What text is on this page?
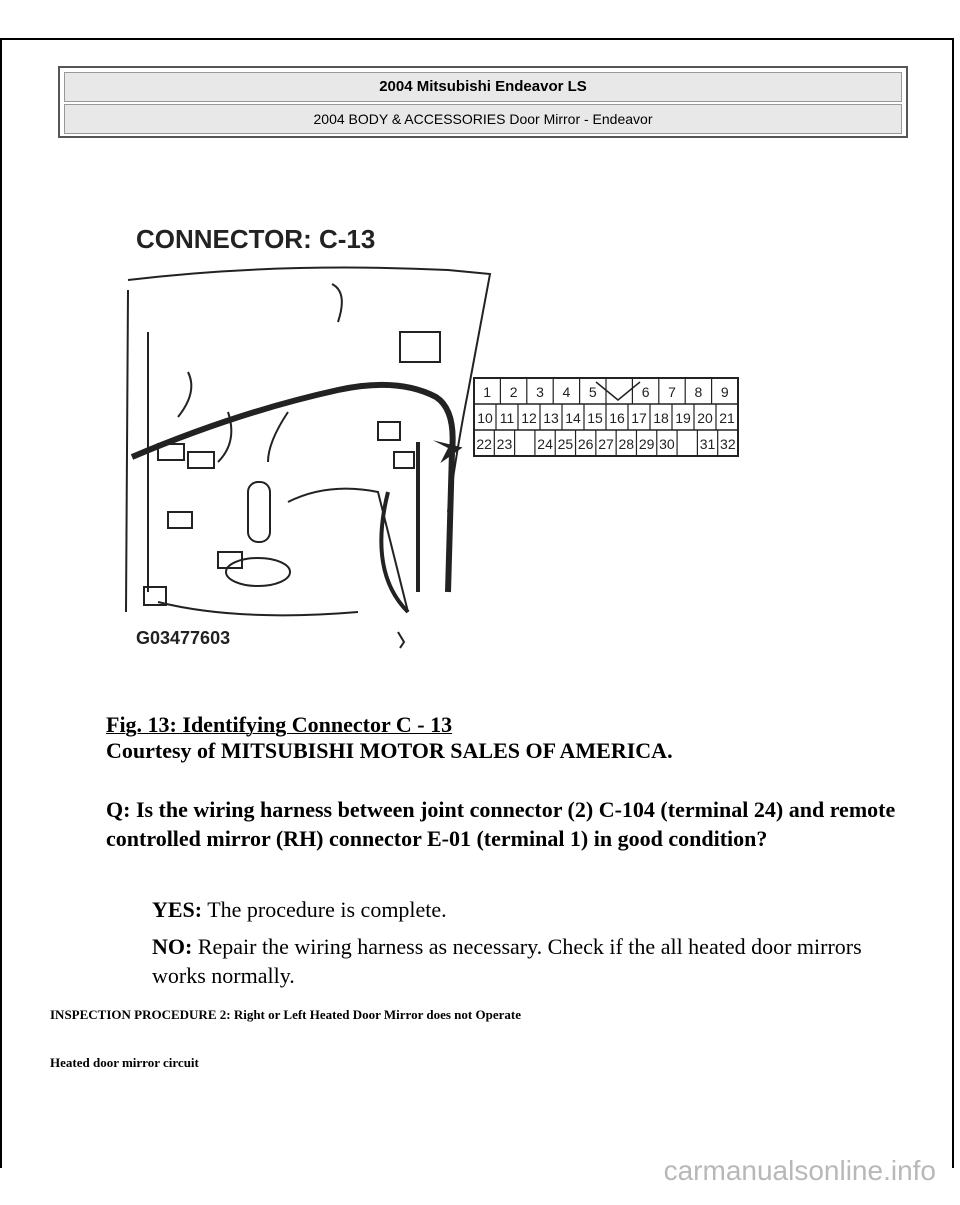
2004 Mitsubishi Endeavor LS
2004 BODY & ACCESSORIES Door Mirror - Endeavor
CONNECTOR: C-13
1 2 3 4 5	6 7 8 9
10 11 12 13 14 15 16 17 18 19 20 21
22 23 24 25 26 27 28 29 30 31 32
G03477603

Fig. 13: Identifying Connector C - 13

Courtesy of MITSUBISHI MOTOR SALES OF AMERICA.

Q: Is the wiring harness between joint connector (2) C-104 (terminal 24) and remote controlled mirror (RH) connector E-01 (terminal 1) in good condition?

YES: The procedure is complete.

NO: Repair the wiring harness as necessary. Check if the all heated door mirrors works normally.

INSPECTION PROCEDURE 2: Right or Left Heated Door Mirror does not Operate

Heated door mirror circuit

carmanualsonline.info
